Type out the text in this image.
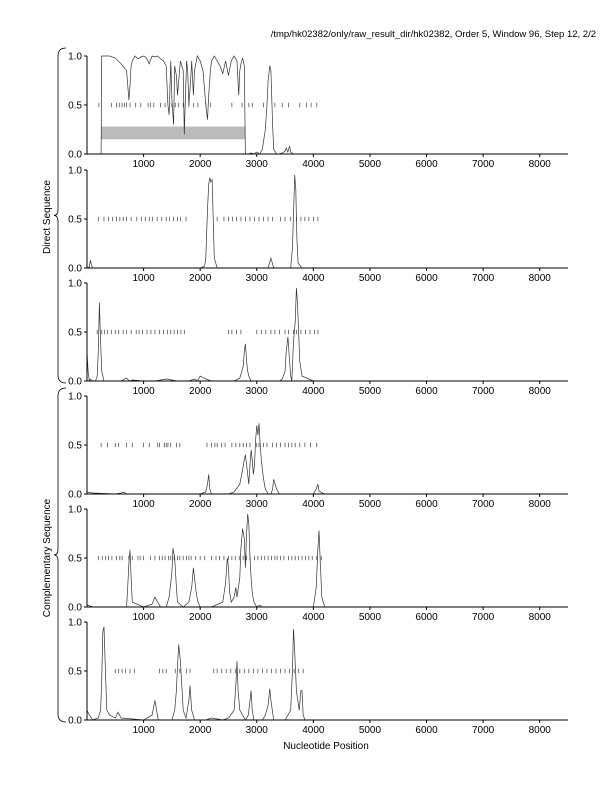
/tmp/hk02382/only/raw_result_dir/hk02382, Order 5, Window 96, Step 12, 2/2
0.0
0.5
1.0
1000	2000	3000	4000	5000	6000	7000	8000
0.0
0.5
1.0
1000	2000	3000	4000	5000	6000	7000	8000
0.0
0.5
1.0
1000	2000	3000	4000	5000	6000	7000	8000
0.0
0.5
1.0
1000	2000	3000	4000	5000	6000	7000	8000
0.0
0.5
1.0
1000	2000	3000	4000	5000	6000	7000	8000
0.0
0.5
1.0
1000	2000	3000	4000	5000	6000	7000	8000
Direct Sequence
Complementary Sequence
Nucleotide Position
